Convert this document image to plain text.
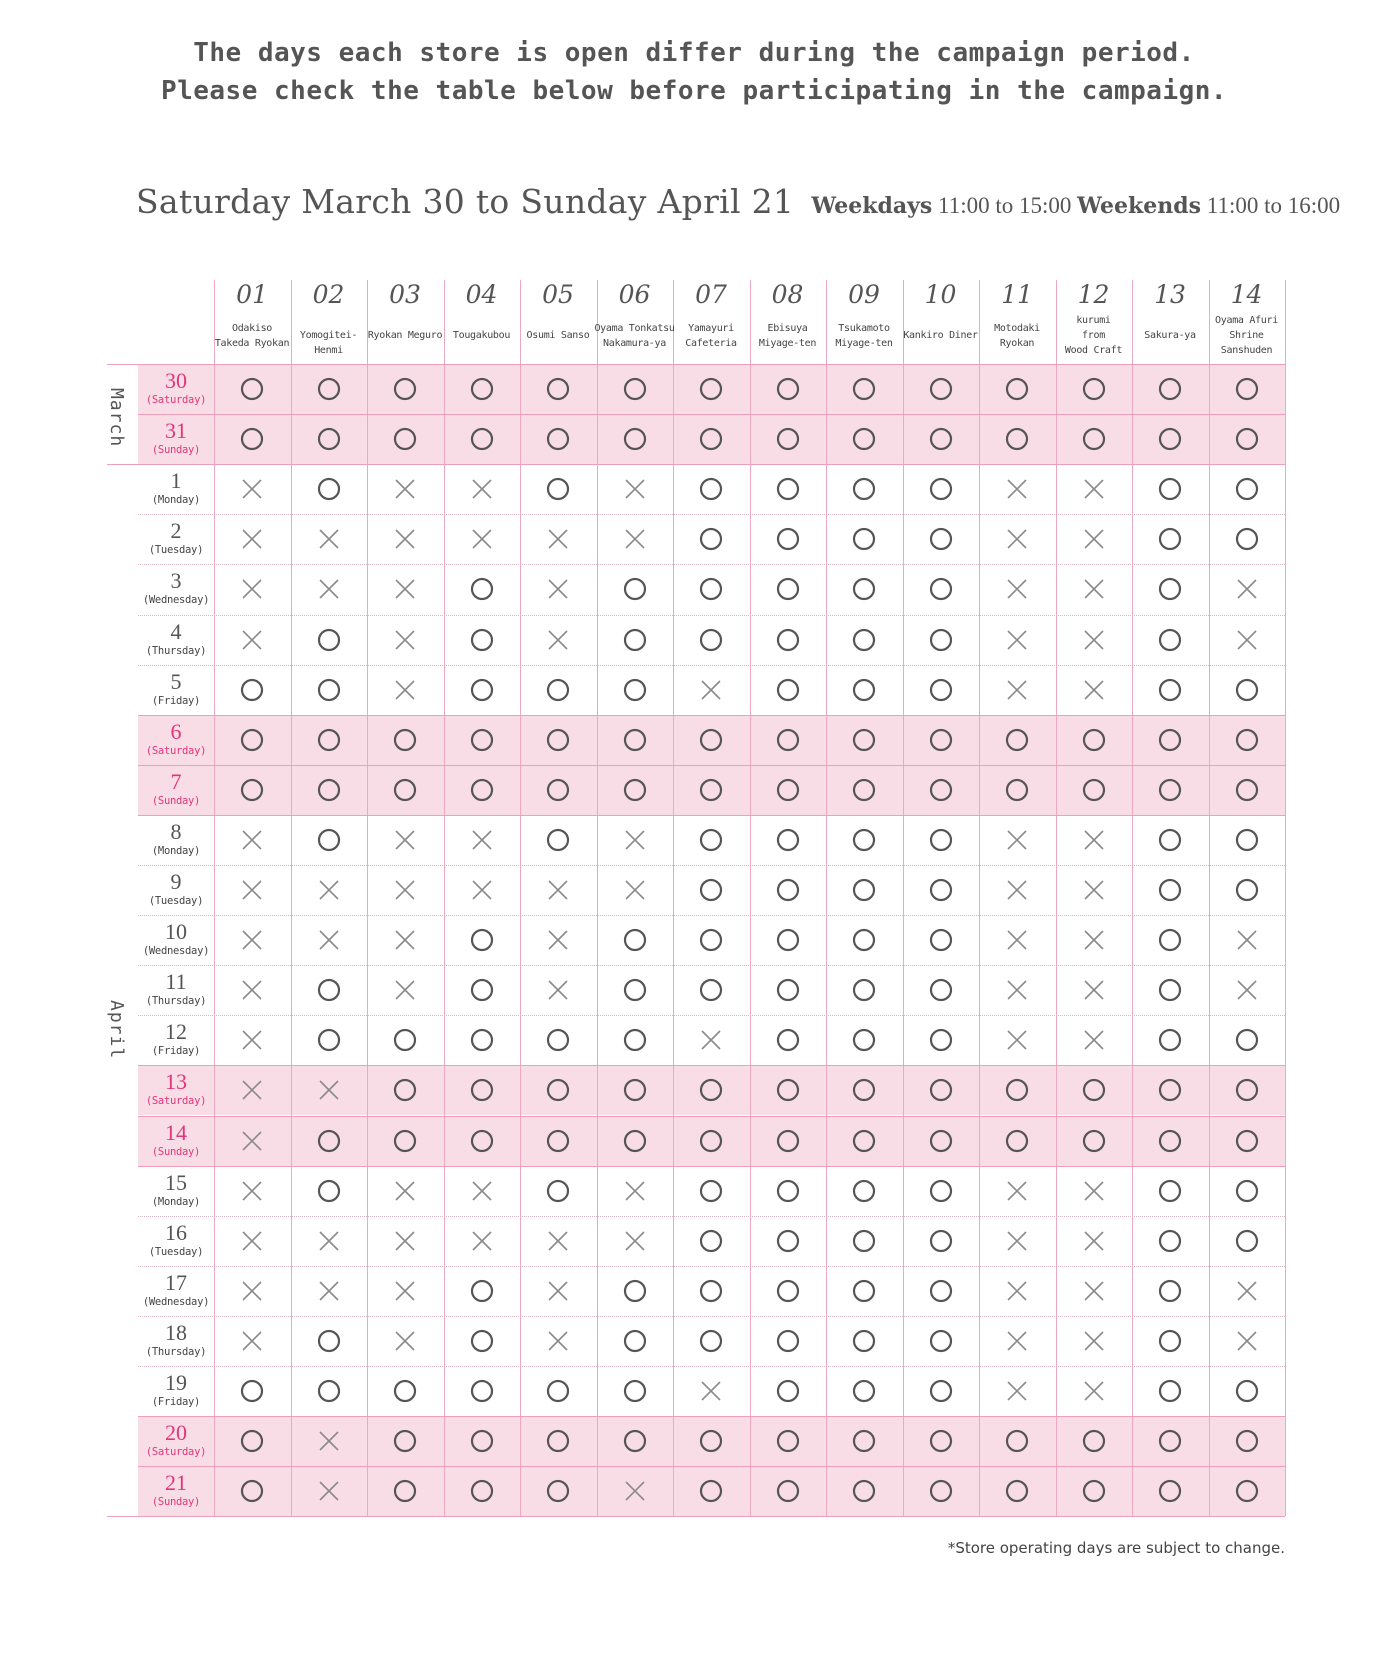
The days each store is open differ during the campaign period.
Please check the table below before participating in the campaign.
Saturday March 30 to Sunday April 21 Weekdays 11:00 to 15:00 Weekends 11:00 to 16:00
01
Odakiso
Takeda Ryokan
02
Yomogitei-Henmi
03
Ryokan Meguro
04
Tougakubou
05
Osumi Sanso
06
Oyama Tonkatsu
Nakamura-ya
07
Yamayuri
Cafeteria
08
Ebisuya
Miyage-ten
09
Tsukamoto
Miyage-ten
10
Kankiro Diner
11
Motodaki
Ryokan
12
kurumi
from
Wood Craft
13
Sakura-ya
14
Oyama Afuri
Shrine
Sanshuden
March
April
30
(Saturday)
31
(Sunday)
1
(Monday)
2
(Tuesday)
3
(Wednesday)
4
(Thursday)
5
(Friday)
6
(Saturday)
7
(Sunday)
8
(Monday)
9
(Tuesday)
10
(Wednesday)
11
(Thursday)
12
(Friday)
13
(Saturday)
14
(Sunday)
15
(Monday)
16
(Tuesday)
17
(Wednesday)
18
(Thursday)
19
(Friday)
20
(Saturday)
21
(Sunday)
*Store operating days are subject to change.
